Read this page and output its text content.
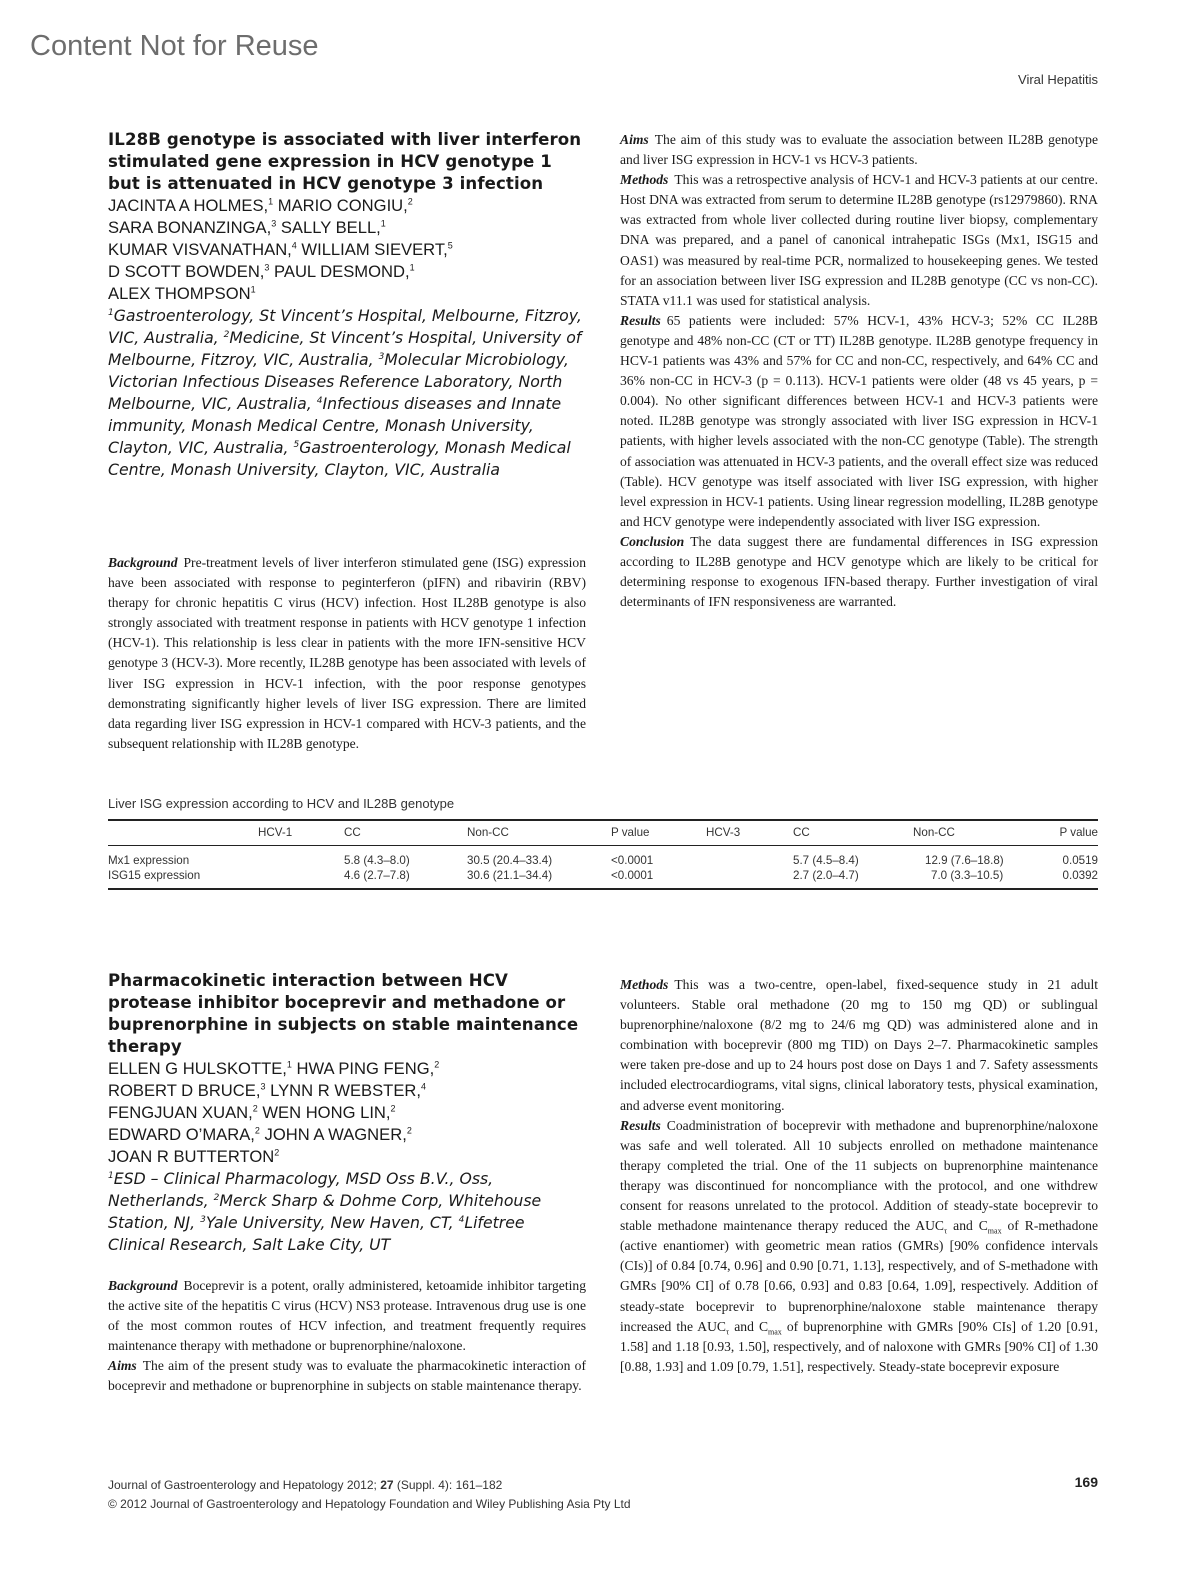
Content Not for Reuse
Viral Hepatitis

IL28B genotype is associated with liver interferon stimulated gene expression in HCV genotype 1 but is attenuated in HCV genotype 3 infection

JACINTA A HOLMES,$^1$ MARIO CONGIU,$^2$
SARA BONANZINGA,$^3$ SALLY BELL,$^1$
KUMAR VISVANATHAN,$^4$ WILLIAM SIEVERT,$^5$
D SCOTT BOWDEN,$^3$ PAUL DESMOND,$^1$
ALEX THOMPSON$^1$

$^1$Gastroenterology, St Vincent’s Hospital, Melbourne, Fitzroy, VIC, Australia, $^2$Medicine, St Vincent’s Hospital, University of Melbourne, Fitzroy, VIC, Australia, $^3$Molecular Microbiology, Victorian Infectious Diseases Reference Laboratory, North Melbourne, VIC, Australia, $^4$Infectious diseases and Innate immunity, Monash Medical Centre, Monash University, Clayton, VIC, Australia, $^5$Gastroenterology, Monash Medical Centre, Monash University, Clayton, VIC, Australia

Background Pre-treatment levels of liver interferon stimulated gene (ISG) expression have been associated with response to peginterferon (pIFN) and ribavirin (RBV) therapy for chronic hepatitis C virus (HCV) infection. Host IL28B genotype is also strongly associated with treatment response in patients with HCV genotype 1 infection (HCV-1). This relationship is less clear in patients with the more IFN-sensitive HCV genotype 3 (HCV-3). More recently, IL28B genotype has been associated with levels of liver ISG expression in HCV-1 infection, with the poor response genotypes demonstrating significantly higher levels of liver ISG expression. There are limited data regarding liver ISG expression in HCV-1 compared with HCV-3 patients, and the subsequent relationship with IL28B genotype.

Aims The aim of this study was to evaluate the association between IL28B genotype and liver ISG expression in HCV-1 vs HCV-3 patients.

Methods This was a retrospective analysis of HCV-1 and HCV-3 patients at our centre. Host DNA was extracted from serum to determine IL28B genotype (rs12979860). RNA was extracted from whole liver collected during routine liver biopsy, complementary DNA was prepared, and a panel of canonical intrahepatic ISGs (Mx1, ISG15 and OAS1) was measured by real-time PCR, normalized to housekeeping genes. We tested for an association between liver ISG expression and IL28B genotype (CC vs non-CC). STATA v11.1 was used for statistical analysis.

Results 65 patients were included: 57% HCV-1, 43% HCV-3; 52% CC IL28B genotype and 48% non-CC (CT or TT) IL28B genotype. IL28B genotype frequency in HCV-1 patients was 43% and 57% for CC and non-CC, respectively, and 64% CC and 36% non-CC in HCV-3 (p = 0.113). HCV-1 patients were older (48 vs 45 years, p = 0.004). No other significant differences between HCV-1 and HCV-3 patients were noted. IL28B genotype was strongly associated with liver ISG expression in HCV-1 patients, with higher levels associated with the non-CC genotype (Table). The strength of association was attenuated in HCV-3 patients, and the overall effect size was reduced (Table). HCV genotype was itself associated with liver ISG expression, with higher level expression in HCV-1 patients. Using linear regression modelling, IL28B genotype and HCV genotype were independently associated with liver ISG expression.

Conclusion The data suggest there are fundamental differences in ISG expression according to IL28B genotype and HCV genotype which are likely to be critical for determining response to exogenous IFN-based therapy. Further investigation of viral determinants of IFN responsiveness are warranted.

Liver ISG expression according to HCV and IL28B genotype

	HCV-1	CC	Non-CC	P value	HCV-3	CC	Non-CC	P value
Mx1 expression		5.8 (4.3–8.0)	30.5 (20.4–33.4)	<0.0001		5.7 (4.5–8.4)	12.9 (7.6–18.8)	0.0519
ISG15 expression		4.6 (2.7–7.8)	30.6 (21.1–34.4)	<0.0001		2.7 (2.0–4.7)	7.0 (3.3–10.5)	0.0392

Pharmacokinetic interaction between HCV protease inhibitor boceprevir and methadone or buprenorphine in subjects on stable maintenance therapy

ELLEN G HULSKOTTE,$^1$ HWA PING FENG,$^2$
ROBERT D BRUCE,$^3$ LYNN R WEBSTER,$^4$
FENGJUAN XUAN,$^2$ WEN HONG LIN,$^2$
EDWARD O’MARA,$^2$ JOHN A WAGNER,$^2$
JOAN R BUTTERTON$^2$

$^1$ESD – Clinical Pharmacology, MSD Oss B.V., Oss, Netherlands, $^2$Merck Sharp & Dohme Corp, Whitehouse Station, NJ, $^3$Yale University, New Haven, CT, $^4$Lifetree Clinical Research, Salt Lake City, UT

Background Boceprevir is a potent, orally administered, ketoamide inhibitor targeting the active site of the hepatitis C virus (HCV) NS3 protease. Intravenous drug use is one of the most common routes of HCV infection, and treatment frequently requires maintenance therapy with methadone or buprenorphine/naloxone.

Aims The aim of the present study was to evaluate the pharmacokinetic interaction of boceprevir and methadone or buprenorphine in subjects on stable maintenance therapy.

Methods This was a two-centre, open-label, fixed-sequence study in 21 adult volunteers. Stable oral methadone (20 mg to 150 mg QD) or sublingual buprenorphine/naloxone (8/2 mg to 24/6 mg QD) was administered alone and in combination with boceprevir (800 mg TID) on Days 2–7. Pharmacokinetic samples were taken pre-dose and up to 24 hours post dose on Days 1 and 7. Safety assessments included electrocardiograms, vital signs, clinical laboratory tests, physical examination, and adverse event monitoring.

Results Coadministration of boceprevir with methadone and buprenorphine/naloxone was safe and well tolerated. All 10 subjects enrolled on methadone maintenance therapy completed the trial. One of the 11 subjects on buprenorphine maintenance therapy was discontinued for noncompliance with the protocol, and one withdrew consent for reasons unrelated to the protocol. Addition of steady-state boceprevir to stable methadone maintenance therapy reduced the $AUC_\tau$ and $C_{max}$ of R-methadone (active enantiomer) with geometric mean ratios (GMRs) [90% confidence intervals (CIs)] of 0.84 [0.74, 0.96] and 0.90 [0.71, 1.13], respectively, and of S-methadone with GMRs [90% CI] of 0.78 [0.66, 0.93] and 0.83 [0.64, 1.09], respectively. Addition of steady-state boceprevir to buprenorphine/naloxone stable maintenance therapy increased the $AUC_\tau$ and $C_{max}$ of buprenorphine with GMRs [90% CIs] of 1.20 [0.91, 1.58] and 1.18 [0.93, 1.50], respectively, and of naloxone with GMRs [90% CI] of 1.30 [0.88, 1.93] and 1.09 [0.79, 1.51], respectively. Steady-state boceprevir exposure

Journal of Gastroenterology and Hepatology 2012; 27 (Suppl. 4): 161–182
© 2012 Journal of Gastroenterology and Hepatology Foundation and Wiley Publishing Asia Pty Ltd
169
